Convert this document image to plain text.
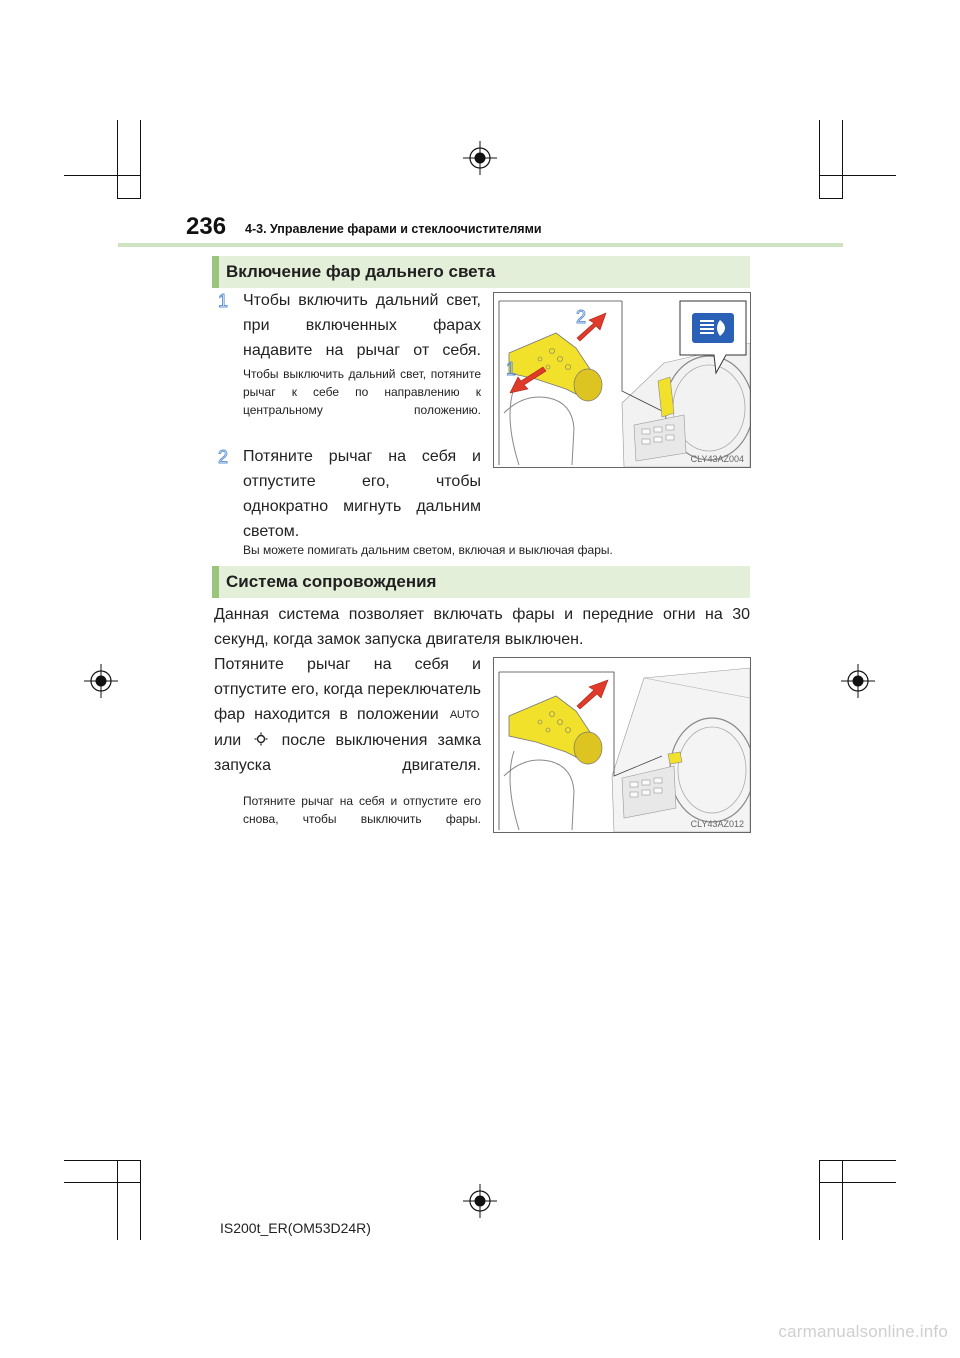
236 4-3. Управление фарами и стеклоочистителями
Включение фар дальнего света
1 Чтобы включить дальний свет, при включенных фарах надавите на рычаг от себя.
Чтобы выключить дальний свет, потяните рычаг к себе по направлению к центральному положению.
2 Потяните рычаг на себя и отпустите его, чтобы однократно мигнуть дальним светом.
Вы можете помигать дальним светом, включая и выключая фары.
2
1
CLY43AZ004
Система сопровождения
Данная система позволяет включать фары и передние огни на 30 секунд, когда замок запуска двигателя выключен.
Потяните рычаг на себя и отпустите его, когда переключатель фар находится в положении AUTO или	после выключения замка запуска двигателя.
Потяните рычаг на себя и отпустите его снова, чтобы выключить фары.	CLY43AZ012
IS200t_ER(OM53D24R)
carmanualsonline.info
